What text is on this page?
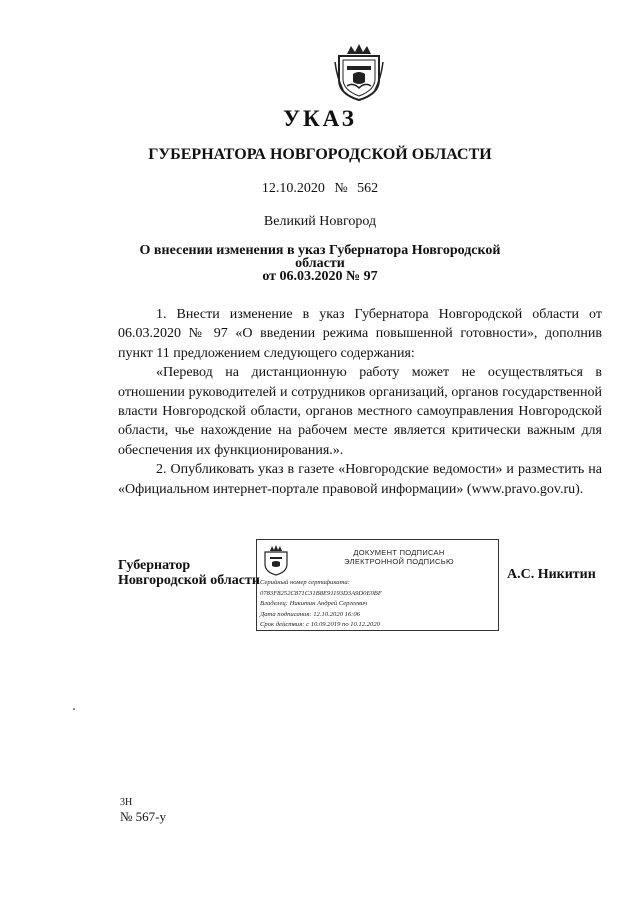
УКАЗ
ГУБЕРНАТОРА НОВГОРОДСКОЙ ОБЛАСТИ
12.10.2020 № 562
Великий Новгород
О внесении изменения в указ Губернатора Новгородской области
от 06.03.2020 № 97

1. Внести изменение в указ Губернатора Новгородской области от 06.03.2020 № 97 «О введении режима повышенной готовности», дополнив пункт 11 предложением следующего содержания:

«Перевод на дистанционную работу может не осуществляться в отношении руководителей и сотрудников организаций, органов государственной власти Новгородской области, органов местного самоуправления Новгородской области, чье нахождение на рабочем месте является критически важным для обеспечения их функционирования.».

2. Опубликовать указ в газете «Новгородские ведомости» и разместить на «Официальном интернет-портале правовой информации» (www.pravo.gov.ru).

Губернатор
Новгородской области
ДОКУМЕНТ ПОДПИСАН
ЭЛЕКТРОННОЙ ПОДПИСЬЮ
Серийный номер сертификата:
0783F8252C871C31B8E91193D3A9D0E0BF
Владелец: Никитин Андрей Сергеевич
Дата подписания: 12.10.2020 16:06
Срок действия: с 10.09.2019 по 10.12.2020
А.С. Никитин
3Н
№ 567-у
